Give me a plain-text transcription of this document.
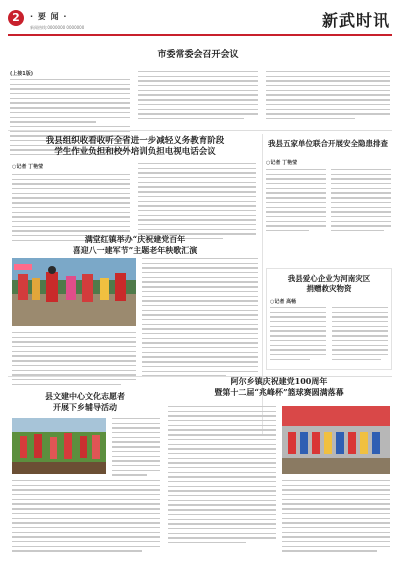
2	· 要 闻 ·
新闻热线:0000000 0000000	新武时讯
市委常委会召开会议
(上接1版)
我县组织收看收听全省进一步减轻义务教育阶段
学生作业负担和校外培训负担电视电话会议
○记者 丁艳莹
我县五家单位联合开展安全隐患排查
○记者 丁艳莹
满堂红镇举办“庆祝建党百年
喜迎八一建军节”主题老年秧歌汇演
我县爱心企业为河南灾区
捐赠救灾物资
○记者 高畅
县文建中心文化志愿者
开展下乡辅导活动
阿尔乡镇庆祝建党100周年
暨第十二届“兆峰杯”篮球赛圆满落幕
